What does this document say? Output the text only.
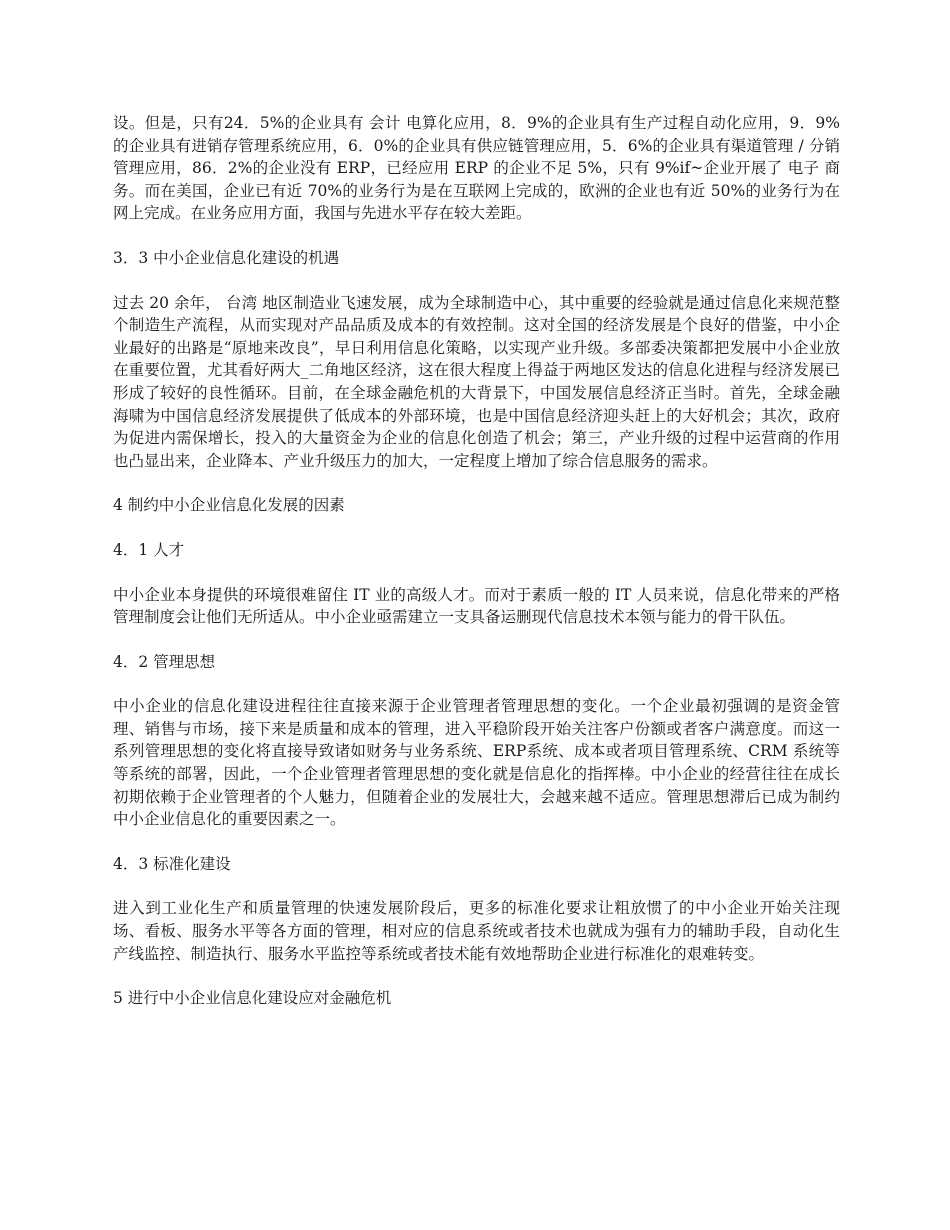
设。但是，只有24．5%的企业具有 会计 电算化应用，8．9%的企业具有生产过程自动化应用，9．9%的企业具有进销存管理系统应用，6．0%的企业具有供应链管理应用，5．6%的企业具有渠道管理 / 分销管理应用，86．2%的企业没有 ERP，已经应用 ERP 的企业不足 5%，只有 9%if~企业开展了 电子 商务。而在美国，企业已有近 70%的业务行为是在互联网上完成的，欧洲的企业也有近 50%的业务行为在网上完成。在业务应用方面，我国与先进水平存在较大差距。

3．3 中小企业信息化建设的机遇

过去 20 余年， 台湾 地区制造业飞速发展，成为全球制造中心，其中重要的经验就是通过信息化来规范整个制造生产流程，从而实现对产品品质及成本的有效控制。这对全国的经济发展是个良好的借鉴，中小企业最好的出路是“原地来改良”，早日利用信息化策略，以实现产业升级。多部委决策都把发展中小企业放在重要位置，尤其看好两大_二角地区经济，这在很大程度上得益于两地区发达的信息化进程与经济发展已形成了较好的良性循环。目前，在全球金融危机的大背景下，中国发展信息经济正当时。首先，全球金融海啸为中国信息经济发展提供了低成本的外部环境，也是中国信息经济迎头赶上的大好机会；其次，政府为促进内需保增长，投入的大量资金为企业的信息化创造了机会；第三，产业升级的过程中运营商的作用也凸显出来，企业降本、产业升级压力的加大，一定程度上增加了综合信息服务的需求。

4 制约中小企业信息化发展的因素

4．1 人才

中小企业本身提供的环境很难留住 IT 业的高级人才。而对于素质一般的 IT 人员来说，信息化带来的严格管理制度会让他们无所适从。中小企业亟需建立一支具备运删现代信息技术本领与能力的骨干队伍。

4．2 管理思想

中小企业的信息化建设进程往往直接来源于企业管理者管理思想的变化。一个企业最初强调的是资金管理、销售与市场，接下来是质量和成本的管理，进入平稳阶段开始关注客户份额或者客户满意度。而这一系列管理思想的变化将直接导致诸如财务与业务系统、ERP系统、成本或者项目管理系统、CRM 系统等等系统的部署，因此，一个企业管理者管理思想的变化就是信息化的指挥棒。中小企业的经营往往在成长初期依赖于企业管理者的个人魅力，但随着企业的发展壮大，会越来越不适应。管理思想滞后已成为制约中小企业信息化的重要因素之一。

4．3 标准化建设

进入到工业化生产和质量管理的快速发展阶段后，更多的标准化要求让粗放惯了的中小企业开始关注现场、看板、服务水平等各方面的管理，相对应的信息系统或者技术也就成为强有力的辅助手段，自动化生产线监控、制造执行、服务水平监控等系统或者技术能有效地帮助企业进行标准化的艰难转变。

5 进行中小企业信息化建设应对金融危机
